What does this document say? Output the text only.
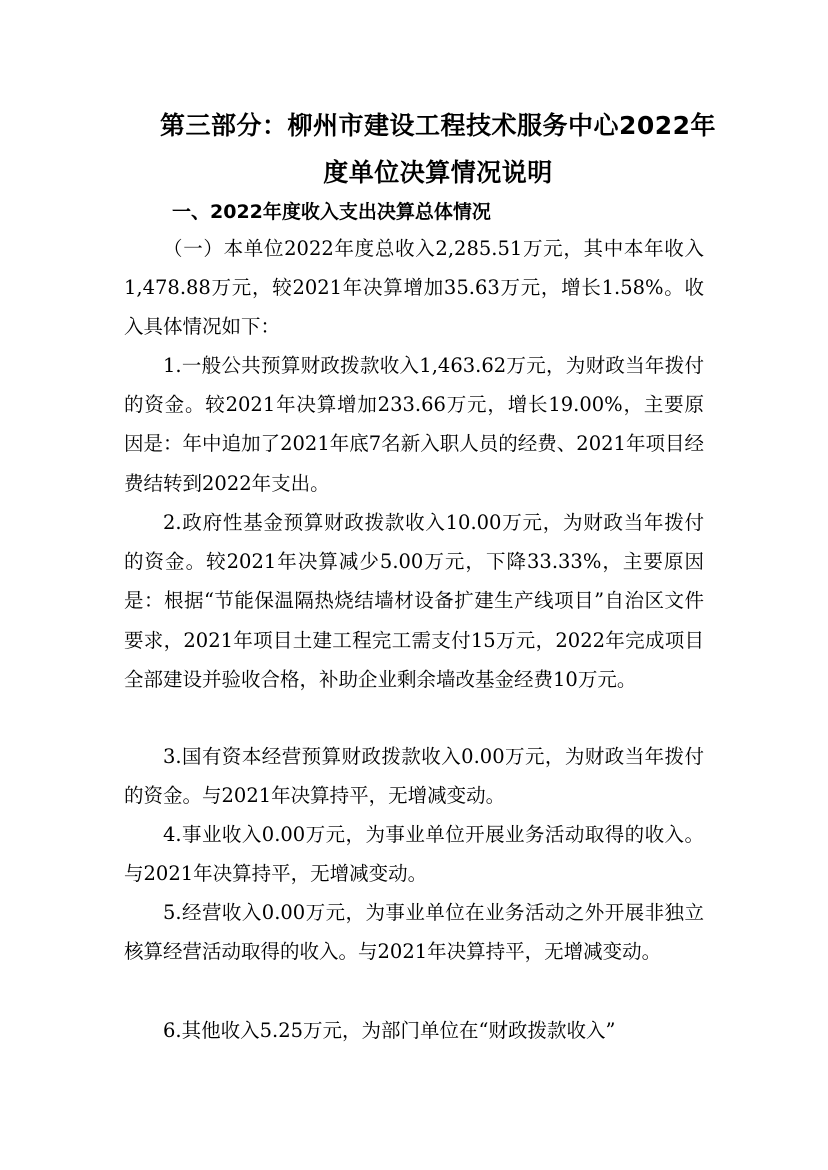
第三部分：柳州市建设工程技术服务中心2022年
度单位决算情况说明
一、2022年度收入支出决算总体情况

（一）本单位2022年度总收入2,285.51万元，其中本年收入1,478.88万元，较2021年决算增加35.63万元，增长1.58%。收入具体情况如下：

1.一般公共预算财政拨款收入1,463.62万元，为财政当年拨付的资金。较2021年决算增加233.66万元，增长19.00%，主要原因是：年中追加了2021年底7名新入职人员的经费、2021年项目经费结转到2022年支出。

2.政府性基金预算财政拨款收入10.00万元，为财政当年拨付的资金。较2021年决算减少5.00万元，下降33.33%，主要原因是：根据“节能保温隔热烧结墙材设备扩建生产线项目”自治区文件要求，2021年项目土建工程完工需支付15万元，2022年完成项目全部建设并验收合格，补助企业剩余墙改基金经费10万元。

3.国有资本经营预算财政拨款收入0.00万元，为财政当年拨付的资金。与2021年决算持平，无增减变动。

4.事业收入0.00万元，为事业单位开展业务活动取得的收入。与2021年决算持平，无增减变动。

5.经营收入0.00万元，为事业单位在业务活动之外开展非独立核算经营活动取得的收入。与2021年决算持平，无增减变动。

6.其他收入5.25万元，为部门单位在“财政拨款收入”
